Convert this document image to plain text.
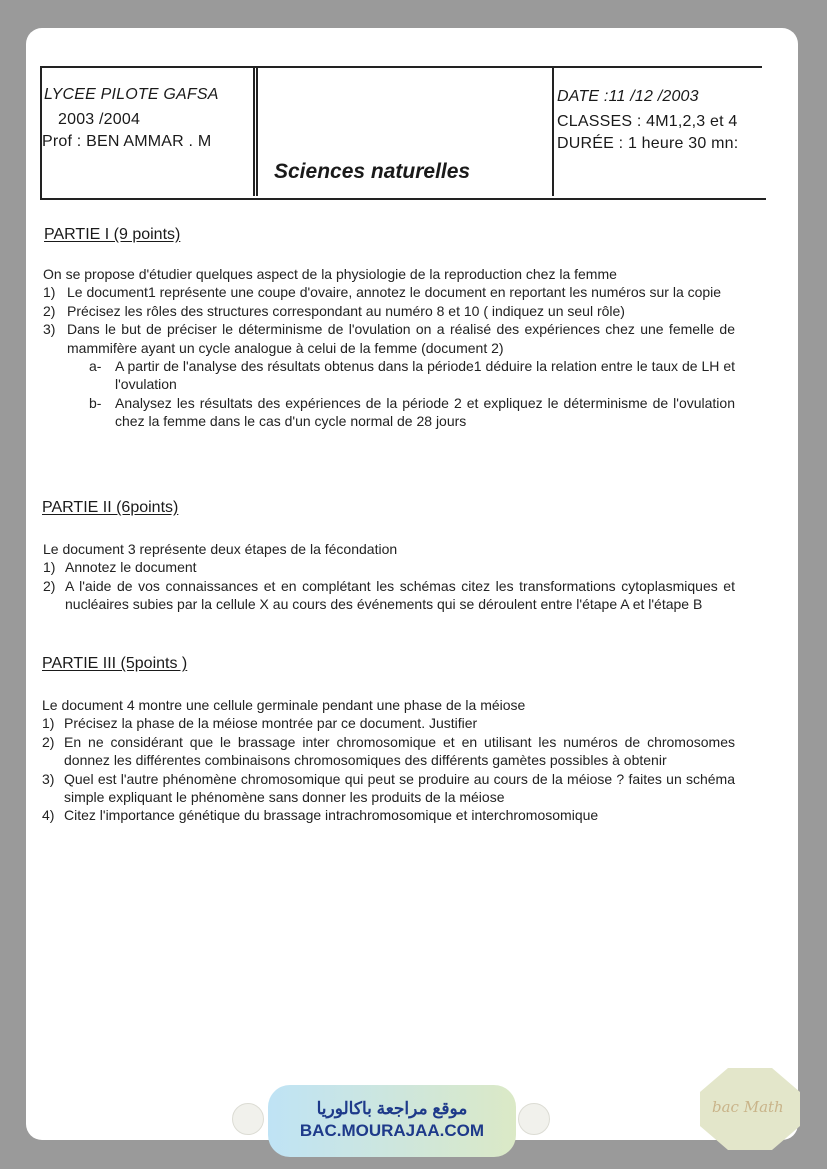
LYCEE PILOTE GAFSA
2003 /2004
Prof : BEN AMMAR . M
Sciences naturelles
DATE :11 /12 /2003
CLASSES : 4M1,2,3 et 4
DURÉE : 1 heure 30 mn:
PARTIE I (9 points)
On se propose d'étudier quelques aspect de la physiologie de la reproduction chez la femme
1) Le document1 représente une coupe d'ovaire, annotez le document en reportant les numéros sur la copie
2) Précisez les rôles des structures correspondant au numéro 8 et 10 ( indiquez un seul rôle)
3) Dans le but de préciser le déterminisme de l'ovulation on a réalisé des expériences chez une femelle de mammifère ayant un cycle analogue à celui de la femme (document 2)
a- A partir de l'analyse des résultats obtenus dans la période1 déduire la relation entre le taux de LH et l'ovulation
b- Analysez les résultats des expériences de la période 2 et expliquez le déterminisme de l'ovulation chez la femme dans le cas d'un cycle normal de 28 jours
PARTIE II (6points)
Le document 3 représente deux étapes de la fécondation
1) Annotez le document
2) A l'aide de vos connaissances et en complétant les schémas citez les transformations cytoplasmiques et nucléaires subies par la cellule X au cours des événements qui se déroulent entre l'étape A et l'étape B
PARTIE III (5points )
Le document 4 montre une cellule germinale pendant une phase de la méiose
1) Précisez la phase de la méiose montrée par ce document. Justifier
2) En ne considérant que le brassage inter chromosomique et en utilisant les numéros de chromosomes donnez les différentes combinaisons chromosomiques des différents gamètes possibles à obtenir
3) Quel est l'autre phénomène chromosomique qui peut se produire au cours de la méiose ? faites un schéma simple expliquant le phénomène sans donner les produits de la méiose
4) Citez l'importance génétique du brassage intrachromosomique et interchromosomique
موقع مراجعة باكالوريا
BAC.MOURAJAA.COM
bac Math
